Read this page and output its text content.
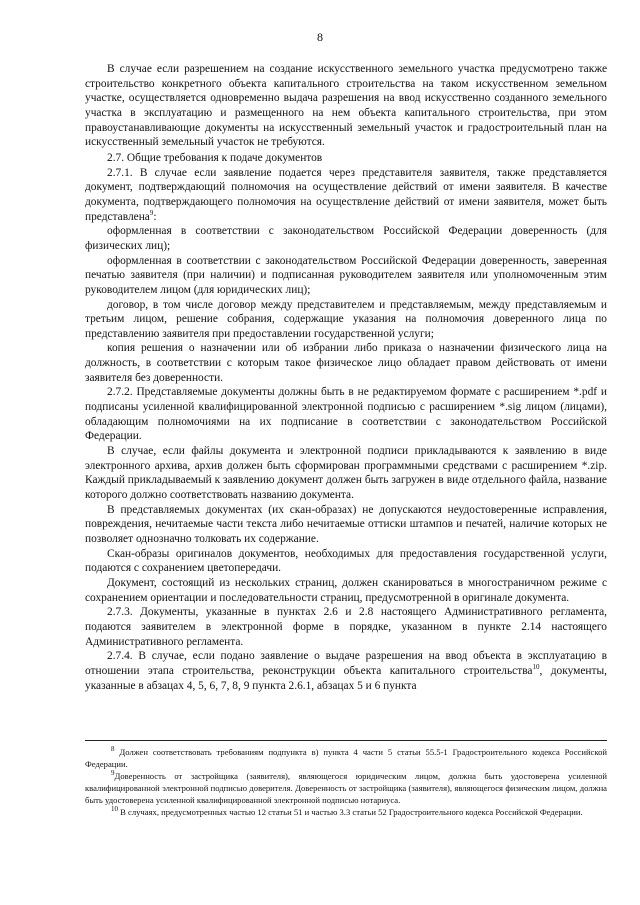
8

В случае если разрешением на создание искусственного земельного участка предусмотрено также строительство конкретного объекта капитального строительства на таком искусственном земельном участке, осуществляется одновременно выдача разрешения на ввод искусственно созданного земельного участка в эксплуатацию и размещенного на нем объекта капитального строительства, при этом правоустанавливающие документы на искусственный земельный участок и градостроительный план на искусственный земельный участок не требуются.

2.7. Общие требования к подаче документов

2.7.1. В случае если заявление подается через представителя заявителя, также представляется документ, подтверждающий полномочия на осуществление действий от имени заявителя. В качестве документа, подтверждающего полномочия на осуществление действий от имени заявителя, может быть представлена$^9$:

оформленная в соответствии с законодательством Российской Федерации доверенность (для физических лиц);

оформленная в соответствии с законодательством Российской Федерации доверенность, заверенная печатью заявителя (при наличии) и подписанная руководителем заявителя или уполномоченным этим руководителем лицом (для юридических лиц);

договор, в том числе договор между представителем и представляемым, между представляемым и третьим лицом, решение собрания, содержащие указания на полномочия доверенного лица по представлению заявителя при предоставлении государственной услуги;

копия решения о назначении или об избрании либо приказа о назначении физического лица на должность, в соответствии с которым такое физическое лицо обладает правом действовать от имени заявителя без доверенности.

2.7.2. Представляемые документы должны быть в не редактируемом формате с расширением *.pdf и подписаны усиленной квалифицированной электронной подписью с расширением *.sig лицом (лицами), обладающим полномочиями на их подписание в соответствии с законодательством Российской Федерации.

В случае, если файлы документа и электронной подписи прикладываются к заявлению в виде электронного архива, архив должен быть сформирован программными средствами с расширением *.zip. Каждый прикладываемый к заявлению документ должен быть загружен в виде отдельного файла, название которого должно соответствовать названию документа.

В представляемых документах (их скан-образах) не допускаются неудостоверенные исправления, повреждения, нечитаемые части текста либо нечитаемые оттиски штампов и печатей, наличие которых не позволяет однозначно толковать их содержание.

Скан-образы оригиналов документов, необходимых для предоставления государственной услуги, подаются с сохранением цветопередачи.

Документ, состоящий из нескольких страниц, должен сканироваться в многостраничном режиме с сохранением ориентации и последовательности страниц, предусмотренной в оригинале документа.

2.7.3. Документы, указанные в пунктах 2.6 и 2.8 настоящего Административного регламента, подаются заявителем в электронной форме в порядке, указанном в пункте 2.14 настоящего Административного регламента.

2.7.4. В случае, если подано заявление о выдаче разрешения на ввод объекта в эксплуатацию в отношении этапа строительства, реконструкции объекта капитального строительства$^{10}$, документы, указанные в абзацах 4, 5, 6, 7, 8, 9 пункта 2.6.1, абзацах 5 и 6 пункта

$^8$ Должен соответствовать требованиям подпункта в) пункта 4 части 5 статьи 55.5-1 Градостроительного кодекса Российской Федерации.

$^9$Доверенность от застройщика (заявителя), являющегося юридическим лицом, должна быть удостоверена усиленной квалифицированной электронной подписью доверителя. Доверенность от застройщика (заявителя), являющегося физическим лицом, должна быть удостоверена усиленной квалифицированной электронной подписью нотариуса.

$^{10}$ В случаях, предусмотренных частью 12 статьи 51 и частью 3.3 статьи 52 Градостроительного кодекса Российской Федерации.
